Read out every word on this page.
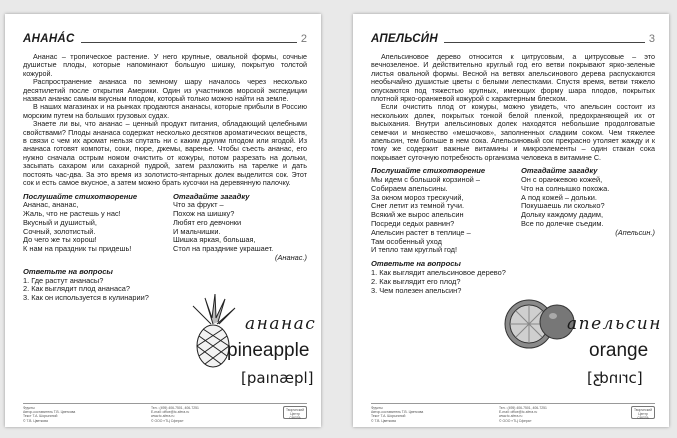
АНАНА́С	2

Ананас – тропическое растение. У него крупные, овальной формы, сочные душистые плоды, которые напоминают большую шишку, покрытую толстой кожурой.

Распространение ананаса по земному шару началось через несколько десятилетий после открытия Америки. Один из участников морской экспедиции назвал ананас самым вкусным плодом, который только можно найти на земле.

В наших магазинах и на рынках продаются ананасы, которые прибыли в Россию морским путем на больших грузовых судах.

Знаете ли вы, что ананас – ценный продукт питания, обладающий целебными свойствами? Плоды ананаса содержат несколько десятков ароматических веществ, в связи с чем их аромат нельзя спутать ни с каким другим плодом или ягодой. Из ананаса готовят компоты, соки, пюре, джемы, варенье. Чтобы съесть ананас, его нужно сначала острым ножом очистить от кожуры, потом разрезать на дольки, засыпать сахаром или сахарной пудрой, затем разложить на тарелке и дать постоять час-два. За это время из золотисто-янтарных долек выделится сок. Этот сок и есть самое вкусное, а затем можно брать кусочки на деревянную палочку.

Послушайте стихотворение
Ананас, ананас,
Жаль, что не растешь у нас!
Вкусный и душистый,
Сочный, золотистый.
До чего же ты хорош!
К нам на праздник ты придешь!
Отгадайте загадку
Что за фрукт –
Похож на шишку?
Любят его девчонки
И мальчишки.
Шишка яркая, большая,
Стол на празднике украшает.
(Ананас.)
Ответьте на вопросы
1. Где растут ананасы?
2. Как выглядит плод ананаса?
3. Как он используется в кулинарии?
ананас
pineapple
[paınæpl]
Фрукты
Автор-составитель Т.В. Цветкова
Текст Т.А. Шорыгиной
© Т.В. Цветкова
Тел.: (495) 406-7501, 406-7251
E-mail: office@tc-sfera.ru
www.tc-sfera.ru
© ООО «ТЦ Сфера»
Творческий Центр СФЕРА
АПЕЛЬСИ́Н	3

Апельсиновое дерево относится к цитрусовым, а цитрусовые – это вечнозеленое. И действительно круглый год его ветви покрывают ярко-зеленые листья овальной формы. Весной на ветвях апельсинового дерева распускаются необычайно душистые цветы с белыми лепестками. Спустя время, ветви тяжело опускаются под тяжестью крупных, имеющих форму шара плодов, покрытых плотной ярко-оранжевой кожурой с характерным блеском.

Если очистить плод от кожуры, можно увидеть, что апельсин состоит из нескольких долек, покрытых тонкой белой пленкой, предохраняющей их от высыхания. Внутри апельсиновых долек находятся небольшие продолговатые семечки и множество «мешочков», заполненных сладким соком. Чем тяжелее апельсин, тем больше в нем сока. Апельсиновый сок прекрасно утоляет жажду и к тому же содержит важные витамины и микроэлементы – один стакан сока покрывает суточную потребность организма человека в витамине С.

Послушайте стихотворение
Мы идем с большой корзиной –
Собираем апельсины.
За окном мороз трескучий,
Снег летит из темной тучи.
Всякий же вырос апельсин
Посреди седых равнин?
Апельсин растет в теплице –
Там особенный уход
И тепло там круглый год!
Отгадайте загадку
Он с оранжевою кожей,
Что на солнышко похожа.
А под кожей – дольки.
Покушаешь ли сколько?
Дольку каждому дадим,
Все по долечке съедим.
(Апельсин.)
Ответьте на вопросы
1. Как выглядит апельсиновое дерево?
2. Как выглядит его плод?
3. Чем полезен апельсин?
апельсин
orange
[ɔrınʤ]
Фрукты
Автор-составитель Т.В. Цветкова
Текст Т.А. Шорыгиной
© Т.В. Цветкова
Тел.: (495) 406-7501, 406-7251
E-mail: office@tc-sfera.ru
www.tc-sfera.ru
© ООО «ТЦ Сфера»
Творческий Центр СФЕРА
